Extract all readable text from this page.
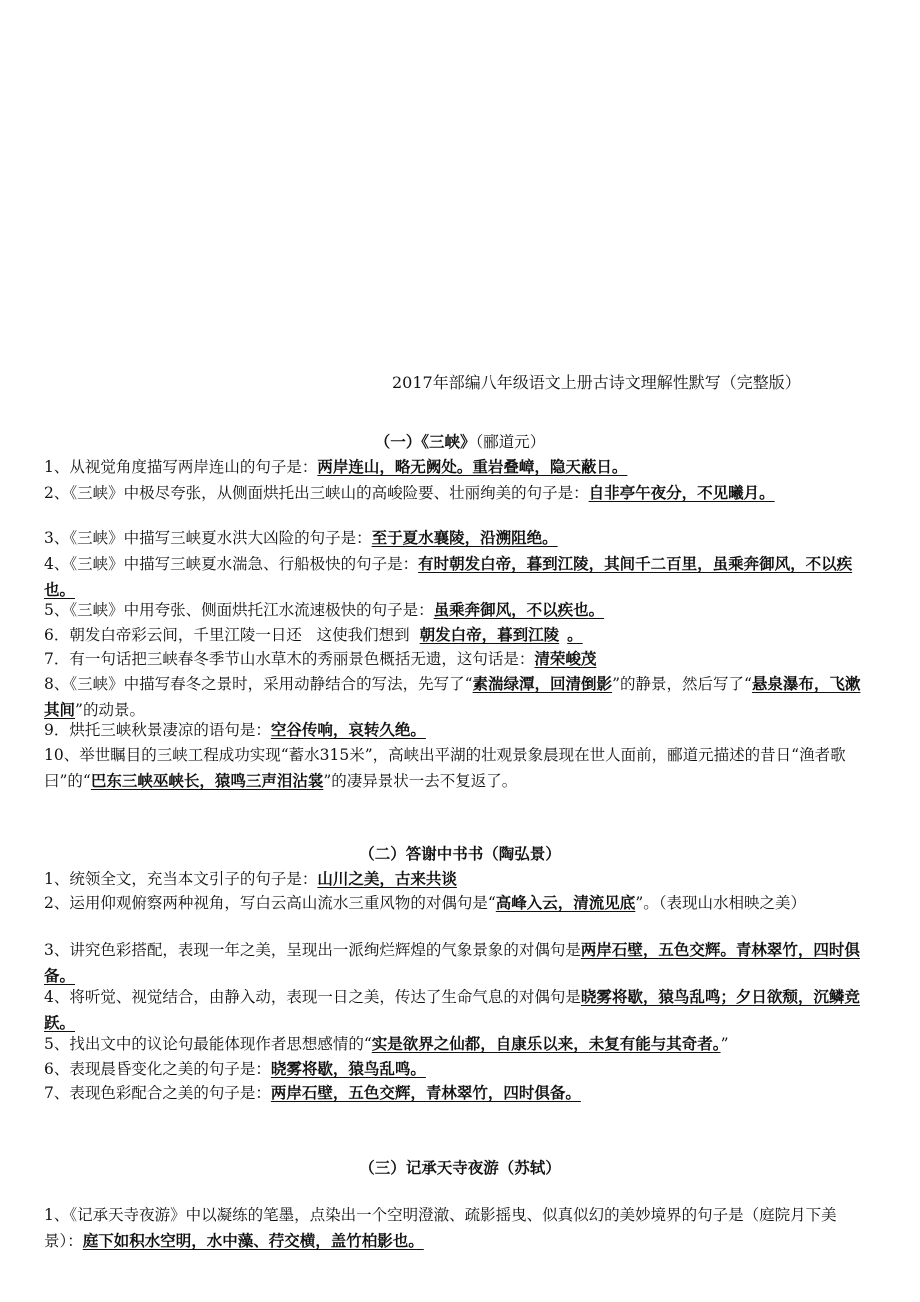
2017年部编八年级语文上册古诗文理解性默写（完整版）
（一）《三峡》（郦道元）
1、从视觉角度描写两岸连山的句子是：两岸连山，略无阙处。重岩叠嶂，隐天蔽日。
2、《三峡》中极尽夸张，从侧面烘托出三峡山的高峻险要、壮丽绚美的句子是：自非亭午夜分，不见曦月。
3、《三峡》中描写三峡夏水洪大凶险的句子是：至于夏水襄陵，沿溯阻绝。
4、《三峡》中描写三峡夏水湍急、行船极快的句子是：有时朝发白帝，暮到江陵，其间千二百里，虽乘奔御风，不以疾也。
5、《三峡》中用夸张、侧面烘托江水流速极快的句子是：虽乘奔御风，不以疾也。
6．朝发白帝彩云间，千里江陵一日还   这使我们想到 朝发白帝，暮到江陵 。
7．有一句话把三峡春冬季节山水草木的秀丽景色概括无遗，这句话是：清荣峻茂
8、《三峡》中描写春冬之景时，采用动静结合的写法，先写了“素湍绿潭，回清倒影”的静景，然后写了“悬泉瀑布，飞漱其间”的动景。
9．烘托三峡秋景凄凉的语句是：空谷传响，哀转久绝。
10、举世瞩目的三峡工程成功实现“蓄水315米”，高峡出平湖的壮观景象晨现在世人面前，郦道元描述的昔日“渔者歌曰”的“巴东三峡巫峡长，猿鸣三声泪沾裳”的凄异景状一去不复返了。
（二）答谢中书书（陶弘景）
1、统领全文，充当本文引子的句子是：山川之美，古来共谈
2、运用仰观俯察两种视角，写白云高山流水三重风物的对偶句是“高峰入云，清流见底”。（表现山水相映之美）
3、讲究色彩搭配，表现一年之美，呈现出一派绚烂辉煌的气象景象的对偶句是两岸石壁，五色交辉。青林翠竹，四时俱备。
4、将听觉、视觉结合，由静入动，表现一日之美，传达了生命气息的对偶句是晓雾将歇，猿鸟乱鸣；夕日欲颓，沉鳞竞跃。
5、找出文中的议论句最能体现作者思想感情的“实是欲界之仙都，自康乐以来，未复有能与其奇者。”
6、表现晨昏变化之美的句子是：晓雾将歇，猿鸟乱鸣。
7、表现色彩配合之美的句子是：两岸石壁，五色交辉，青林翠竹，四时俱备。
（三）记承天寺夜游（苏轼）
1、《记承天寺夜游》中以凝练的笔墨，点染出一个空明澄澈、疏影摇曳、似真似幻的美妙境界的句子是（庭院月下美景）：庭下如积水空明，水中藻、荇交横，盖竹柏影也。
